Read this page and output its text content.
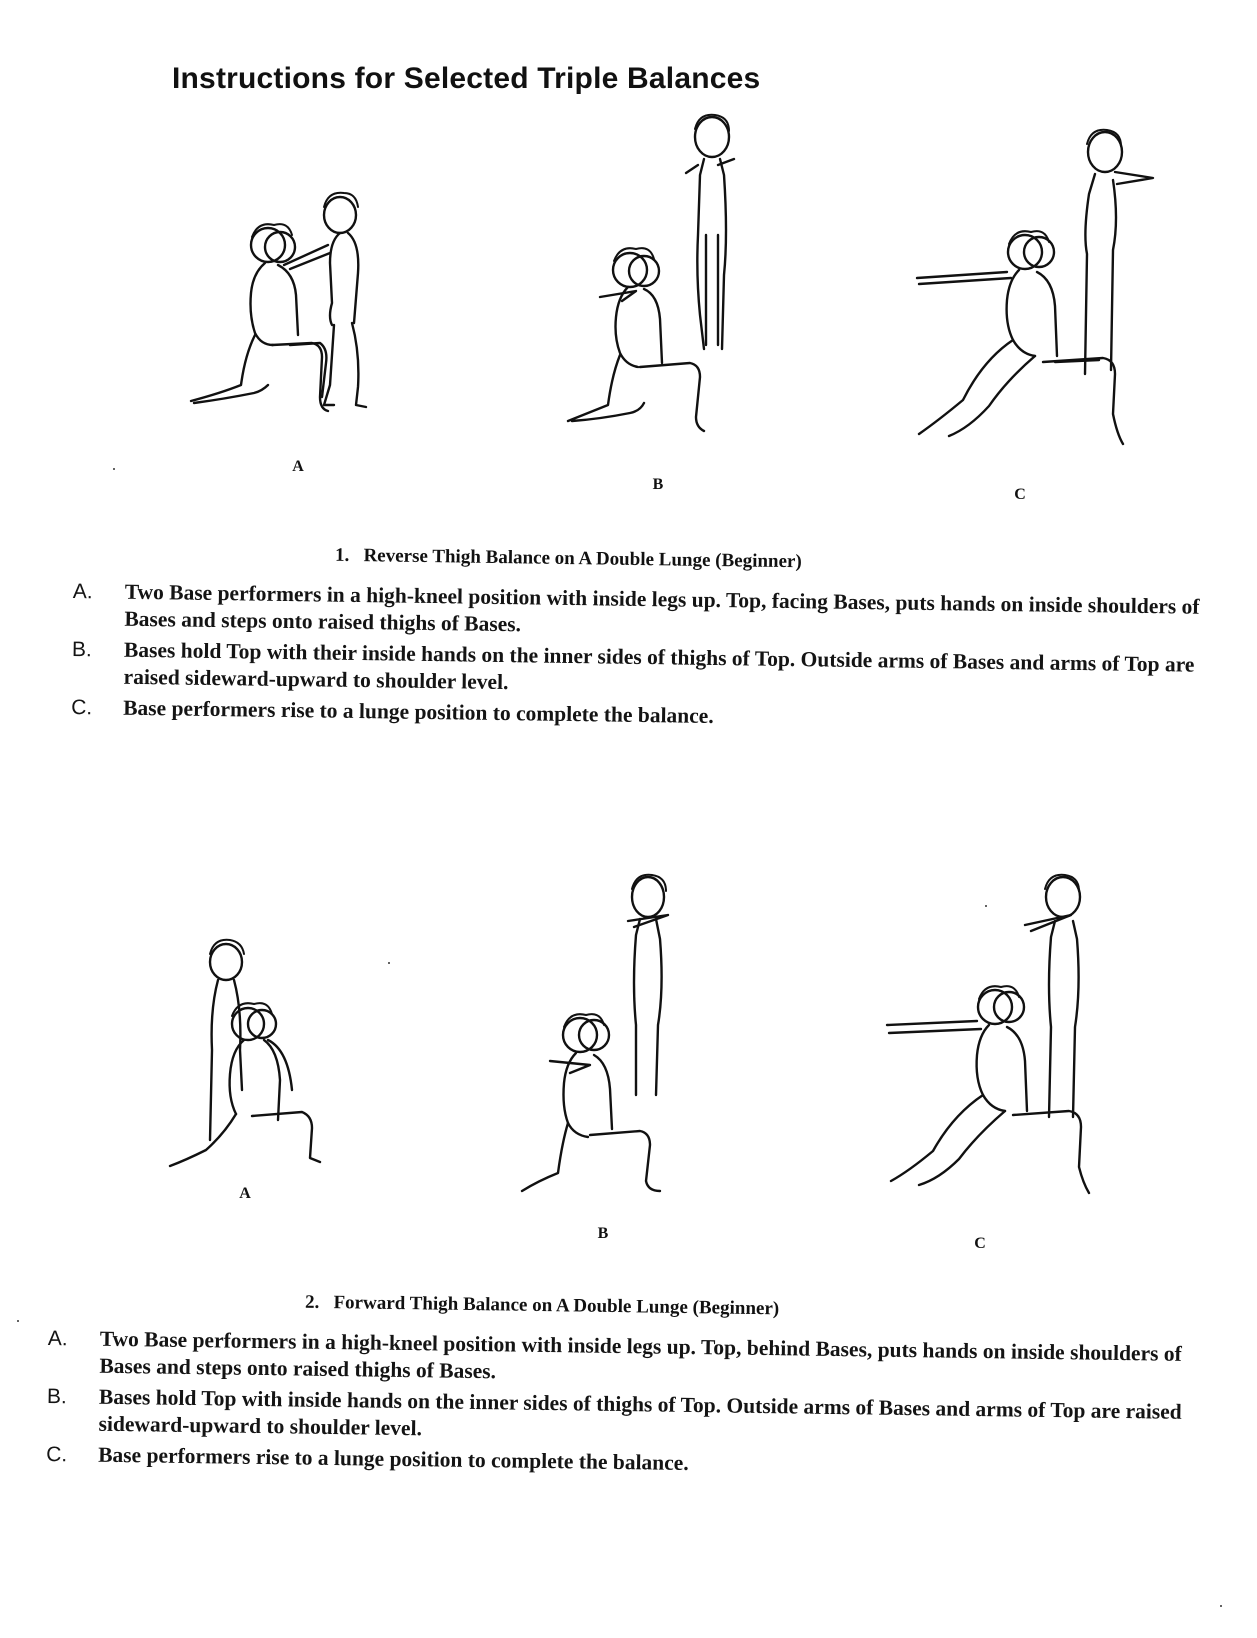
Instructions for Selected Triple Balances
A
B
C
1. Reverse Thigh Balance on A Double Lunge (Beginner)
A. Two Base performers in a high-kneel position with inside legs up. Top, facing Bases, puts hands on inside shoulders of Bases and steps onto raised thighs of Bases.
B. Bases hold Top with their inside hands on the inner sides of thighs of Top. Outside arms of Bases and arms of Top are raised sideward-upward to shoulder level.
C. Base performers rise to a lunge position to complete the balance.
A
B
C
2. Forward Thigh Balance on A Double Lunge (Beginner)
A. Two Base performers in a high-kneel position with inside legs up. Top, behind Bases, puts hands on inside shoulders of Bases and steps onto raised thighs of Bases.
B. Bases hold Top with inside hands on the inner sides of thighs of Top. Outside arms of Bases and arms of Top are raised sideward-upward to shoulder level.
C. Base performers rise to a lunge position to complete the balance.
